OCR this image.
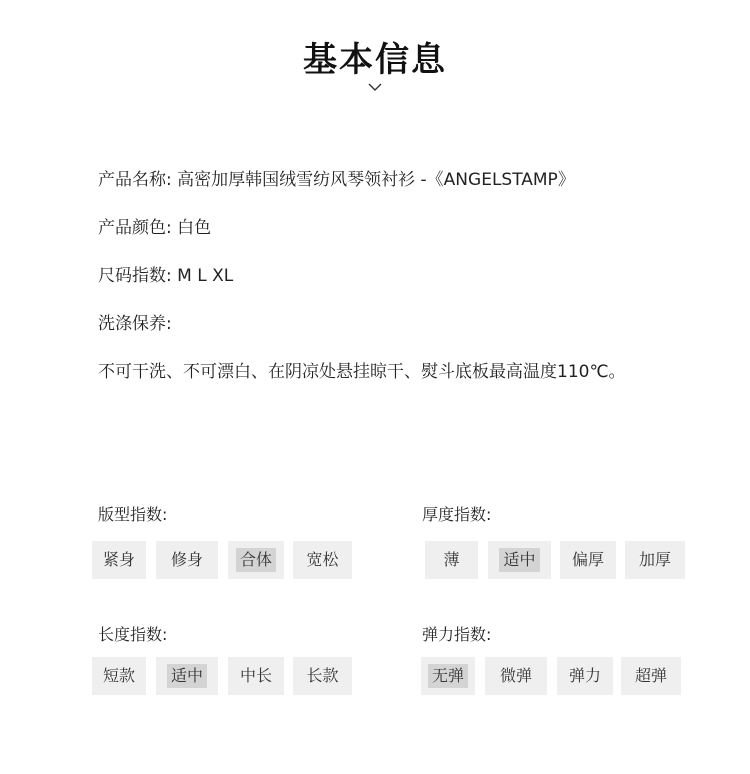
基本信息
产品名称: 高密加厚韩国绒雪纺风琴领衬衫 -《ANGELSTAMP》
产品颜色: 白色
尺码指数: M L XL
洗涤保养:
不可干洗、不可漂白、在阴凉处悬挂晾干、熨斗底板最高温度110℃。
版型指数:
紧身 修身 合体 宽松
厚度指数:
薄	适中 偏厚 加厚
长度指数:
短款 适中 中长 长款
弹力指数:
无弹 微弹 弹力 超弹
